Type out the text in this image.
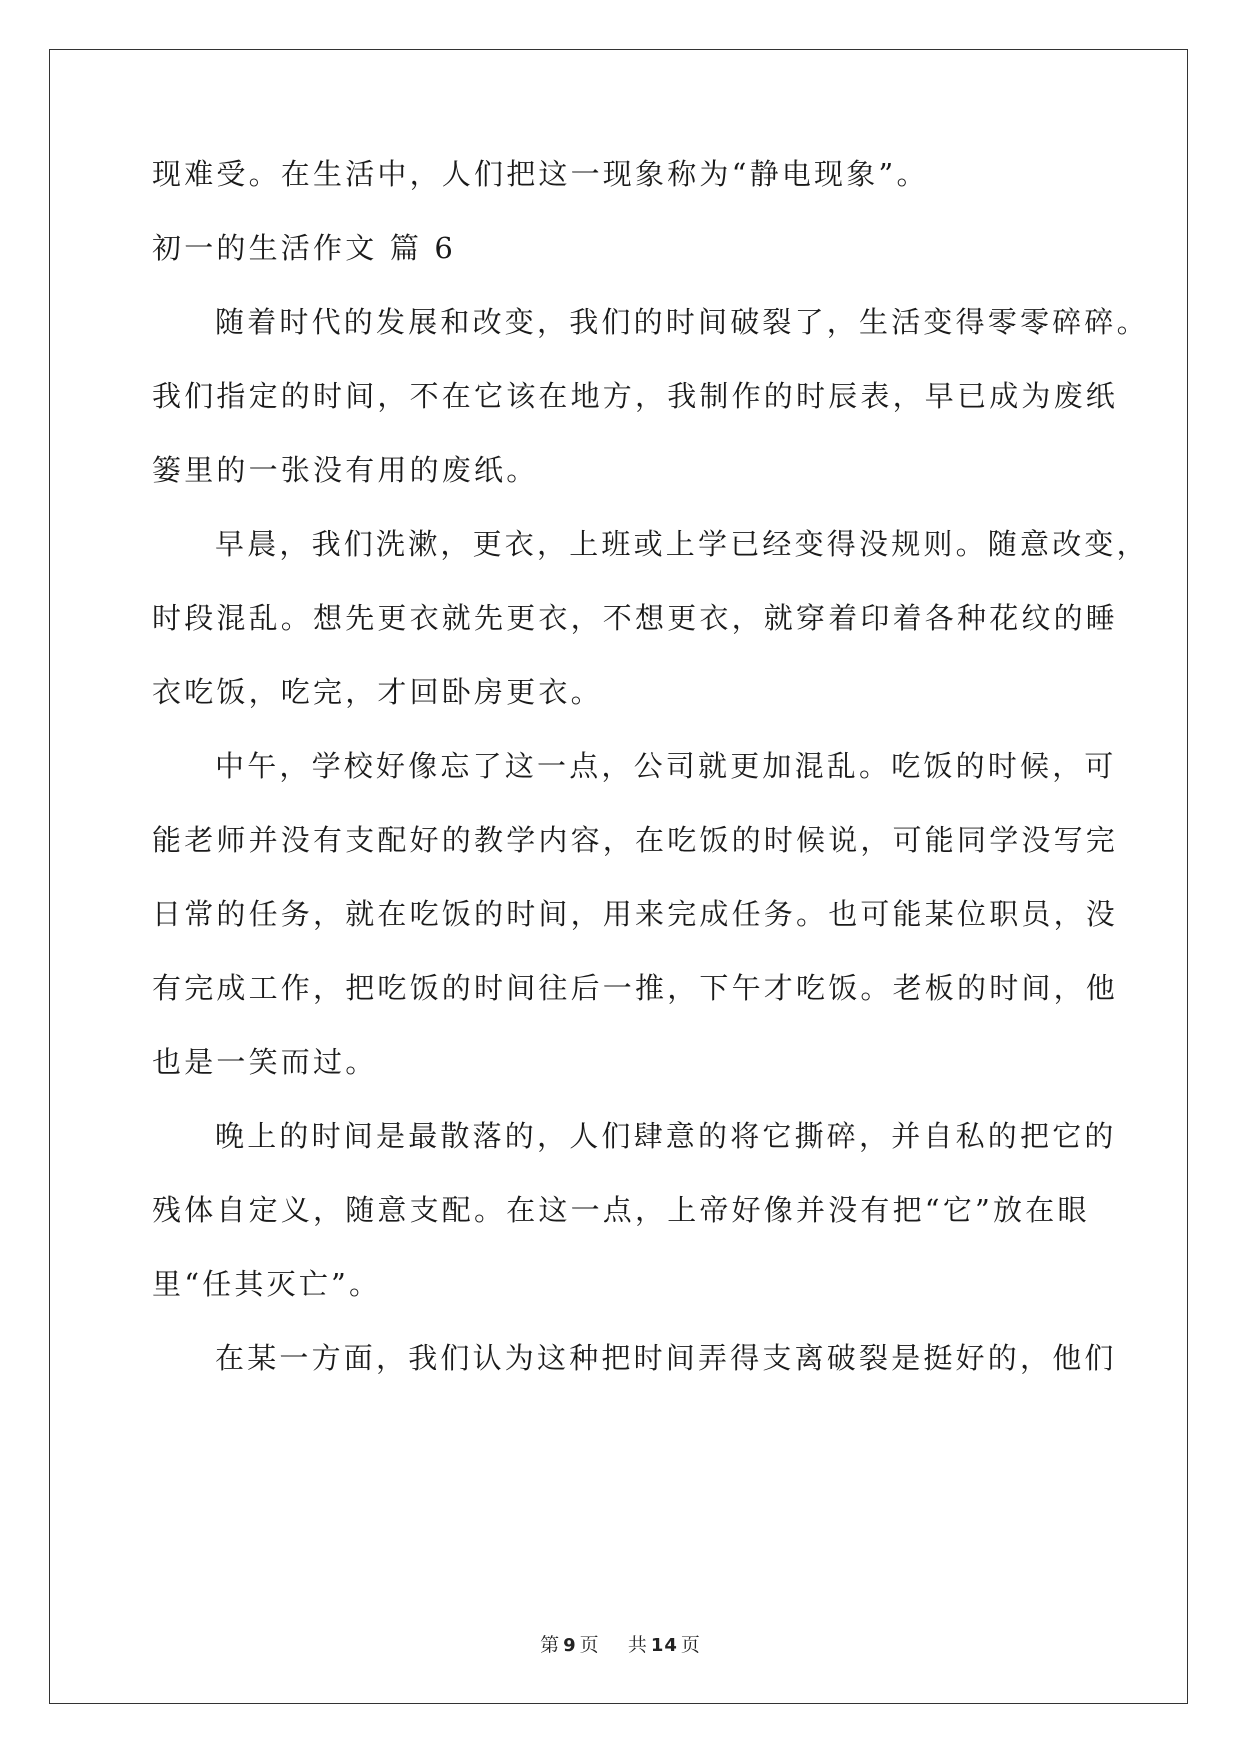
现难受。在生活中，人们把这一现象称为“静电现象”。
初一的生活作文 篇 6
随着时代的发展和改变，我们的时间破裂了，生活变得零零碎碎。
我们指定的时间，不在它该在地方，我制作的时辰表，早已成为废纸
篓里的一张没有用的废纸。
早晨，我们洗漱，更衣，上班或上学已经变得没规则。随意改变，
时段混乱。想先更衣就先更衣，不想更衣，就穿着印着各种花纹的睡
衣吃饭，吃完，才回卧房更衣。
中午，学校好像忘了这一点，公司就更加混乱。吃饭的时候，可
能老师并没有支配好的教学内容，在吃饭的时候说，可能同学没写完
日常的任务，就在吃饭的时间，用来完成任务。也可能某位职员，没
有完成工作，把吃饭的时间往后一推，下午才吃饭。老板的时间，他
也是一笑而过。
晚上的时间是最散落的，人们肆意的将它撕碎，并自私的把它的
残体自定义，随意支配。在这一点，上帝好像并没有把“它”放在眼
里“任其灭亡”。
在某一方面，我们认为这种把时间弄得支离破裂是挺好的，他们
第 9 页 共 14 页
